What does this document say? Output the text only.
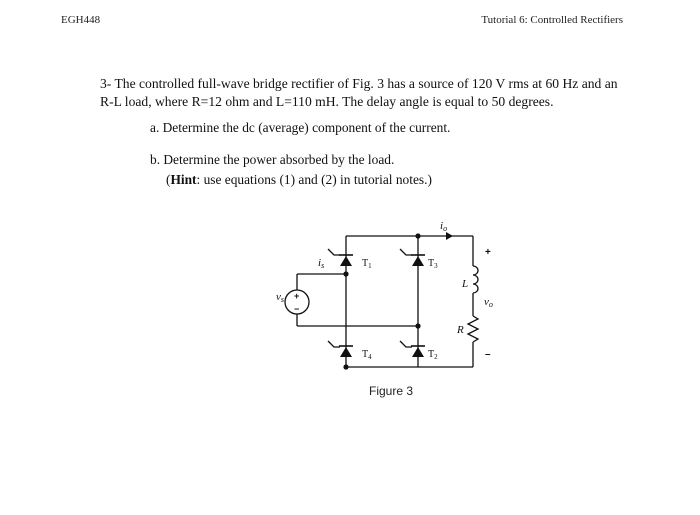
EGH448	Tutorial 6: Controlled Rectifiers
3- The controlled full-wave bridge rectifier of Fig. 3 has a source of 120 V rms at 60 Hz and an R-L load, where R=12 ohm and L=110 mH. The delay angle is equal to 50 degrees.
a. Determine the dc (average) component of the current.
b. Determine the power absorbed by the load.
(Hint: use equations (1) and (2) in tutorial notes.)
io
is
vs	vo
$T_1$	$T_3$
$T_4$	$T_2$
L
R
+
−
+
–
Figure 3
